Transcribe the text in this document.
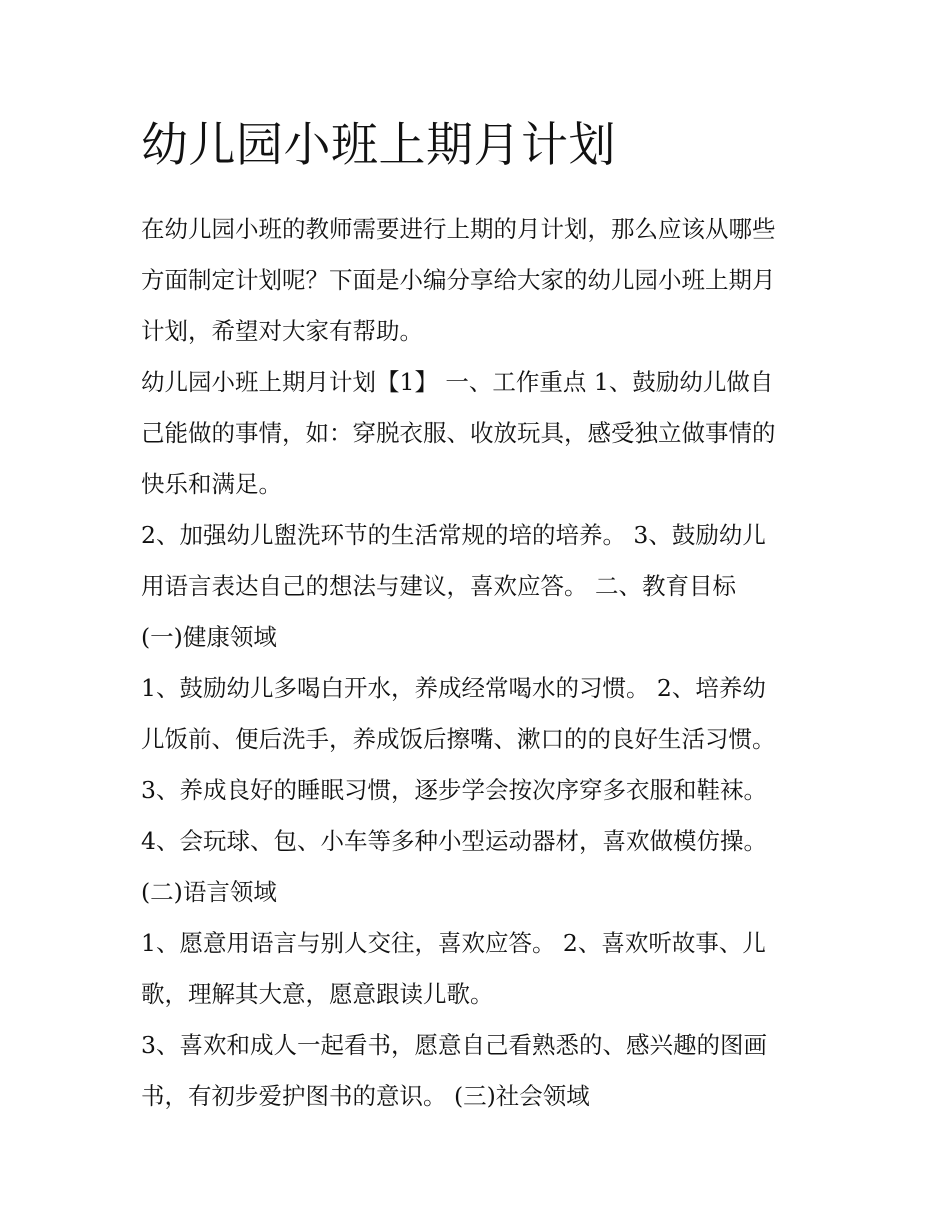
幼儿园小班上期月计划
在幼儿园小班的教师需要进行上期的月计划，那么应该从哪些
方面制定计划呢？下面是小编分享给大家的幼儿园小班上期月
计划，希望对大家有帮助。
幼儿园小班上期月计划【1】 一、工作重点 1、鼓励幼儿做自
己能做的事情，如：穿脱衣服、收放玩具，感受独立做事情的
快乐和满足。
2、加强幼儿盥洗环节的生活常规的培的培养。 3、鼓励幼儿
用语言表达自己的想法与建议，喜欢应答。 二、教育目标
(一)健康领域
1、鼓励幼儿多喝白开水，养成经常喝水的习惯。 2、培养幼
儿饭前、便后洗手，养成饭后擦嘴、漱口的的良好生活习惯。
3、养成良好的睡眠习惯，逐步学会按次序穿多衣服和鞋袜。
4、会玩球、包、小车等多种小型运动器材，喜欢做模仿操。
(二)语言领域
1、愿意用语言与别人交往，喜欢应答。 2、喜欢听故事、儿
歌，理解其大意，愿意跟读儿歌。
3、喜欢和成人一起看书，愿意自己看熟悉的、感兴趣的图画
书，有初步爱护图书的意识。 (三)社会领域
